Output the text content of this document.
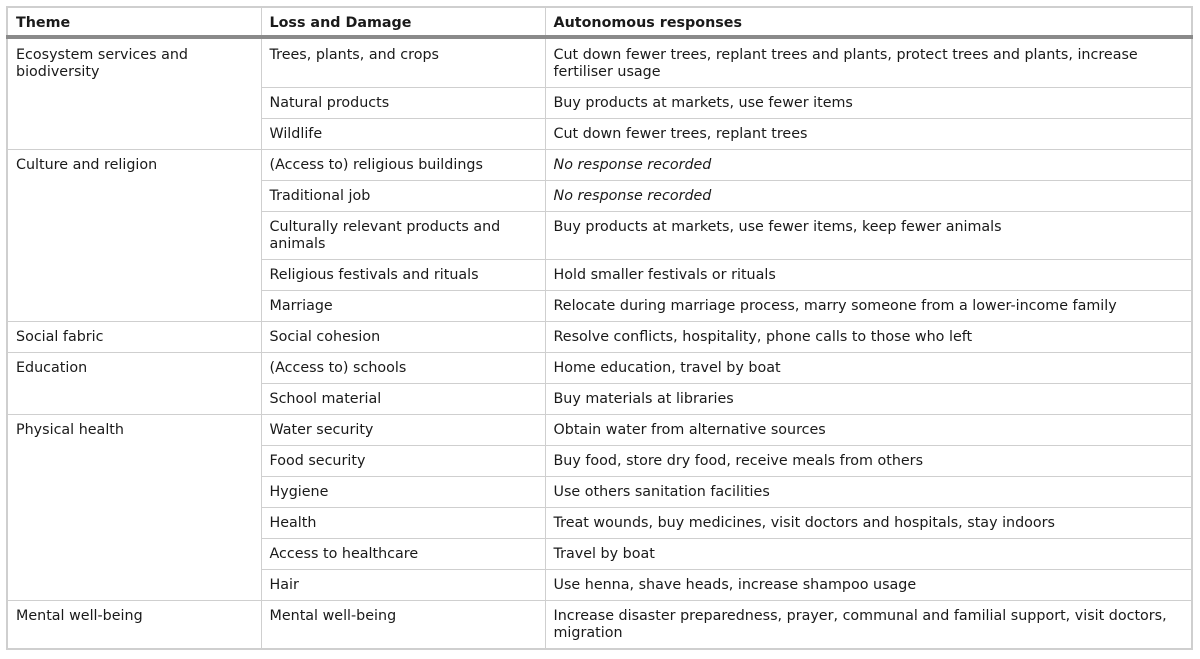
Theme	Loss and Damage	Autonomous responses

Ecosystem services and biodiversity	Trees, plants, and crops	Cut down fewer trees, replant trees and plants, protect trees and plants, increase fertiliser usage

	Natural products	Buy products at markets, use fewer items

	Wildlife	Cut down fewer trees, replant trees

Culture and religion	(Access to) religious buildings	No response recorded

	Traditional job	No response recorded

	Culturally relevant products and animals	Buy products at markets, use fewer items, keep fewer animals

	Religious festivals and rituals	Hold smaller festivals or rituals

	Marriage	Relocate during marriage process, marry someone from a lower-income family

Social fabric	Social cohesion	Resolve conflicts, hospitality, phone calls to those who left

Education	(Access to) schools	Home education, travel by boat

	School material	Buy materials at libraries

Physical health	Water security	Obtain water from alternative sources

	Food security	Buy food, store dry food, receive meals from others

	Hygiene	Use others sanitation facilities

	Health	Treat wounds, buy medicines, visit doctors and hospitals, stay indoors

	Access to healthcare	Travel by boat

	Hair	Use henna, shave heads, increase shampoo usage

Mental well-being	Mental well-being	Increase disaster preparedness, prayer, communal and familial support, visit doctors, migration
